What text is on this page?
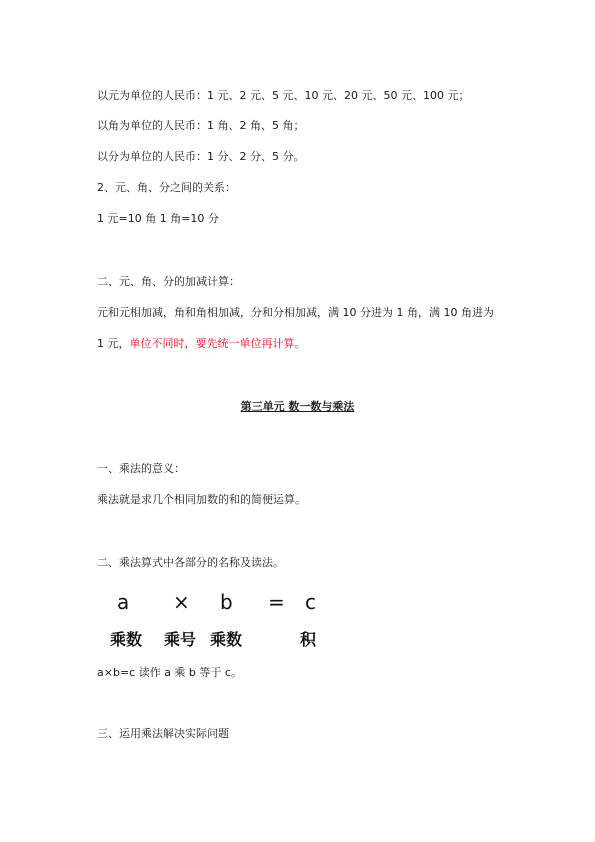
以元为单位的人民币：1 元、2 元、5 元、10 元、20 元、50 元、100 元；
以角为单位的人民币：1 角、2 角、5 角；
以分为单位的人民币：1 分、2 分、5 分。
2、元、角、分之间的关系：
1 元=10 角 1 角=10 分
二、元、角、分的加减计算：
元和元相加减，角和角相加减，分和分相加减，满 10 分进为 1 角，满 10 角进为
1 元，单位不同时，要先统一单位再计算。
第三单元 数一数与乘法
一、乘法的意义：
乘法就是求几个相同加数的和的简便运算。
二、乘法算式中各部分的名称及读法。
a × b = c
乘数 乘号 乘数	积
a×b=c 读作 a 乘 b 等于 c。
三、运用乘法解决实际问题
